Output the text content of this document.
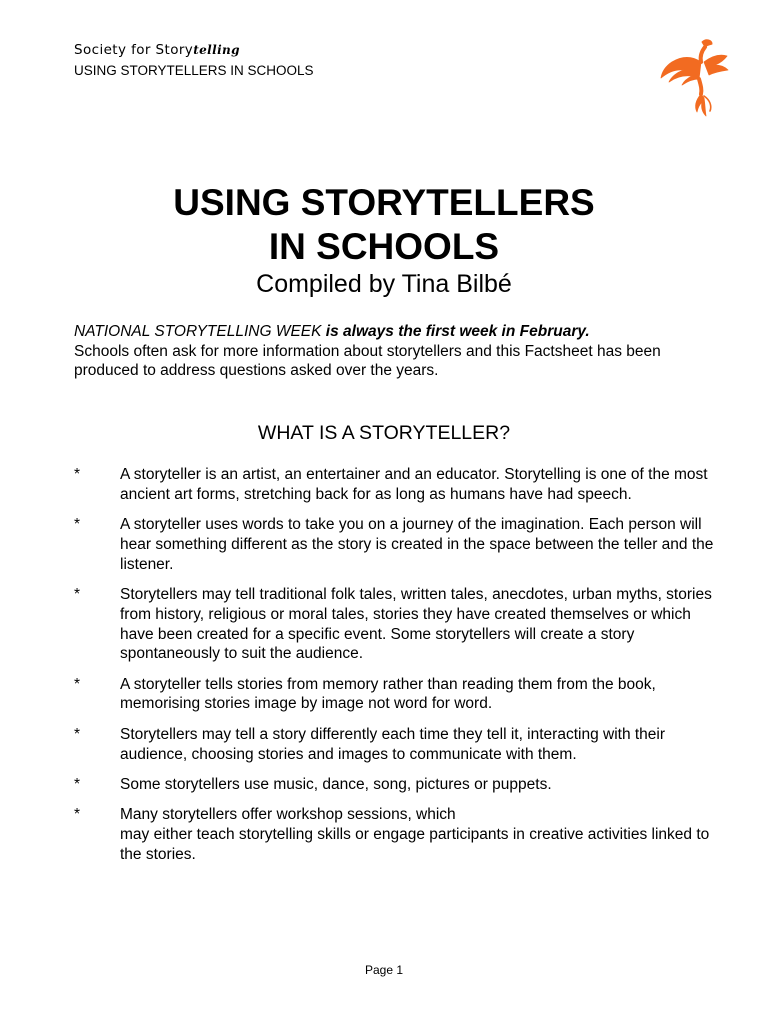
Society for Storytelling
USING STORYTELLERS IN SCHOOLS
USING STORYTELLERS
IN SCHOOLS
Compiled by Tina Bilbé
NATIONAL STORYTELLING WEEK is always the first week in February.
Schools often ask for more information about storytellers and this Factsheet has been produced to address questions asked over the years.
WHAT IS A STORYTELLER?
*	A storyteller is an artist, an entertainer and an educator. Storytelling is one of the most ancient art forms, stretching back for as long as humans have had speech.
*	A storyteller uses words to take you on a journey of the imagination. Each person will hear something different as the story is created in the space between the teller and the listener.
*	Storytellers may tell traditional folk tales, written tales, anecdotes, urban myths, stories from history, religious or moral tales, stories they have created themselves or which have been created for a specific event. Some storytellers will create a story spontaneously to suit the audience.
*	A storyteller tells stories from memory rather than reading them from the book, memorising stories image by image not word for word.
*	Storytellers may tell a story differently each time they tell it, interacting with their audience, choosing stories and images to communicate with them.
*	Some storytellers use music, dance, song, pictures or puppets.
*	Many storytellers offer workshop sessions, which
may either teach storytelling skills or engage participants in creative activities linked to the stories.
Page 1
